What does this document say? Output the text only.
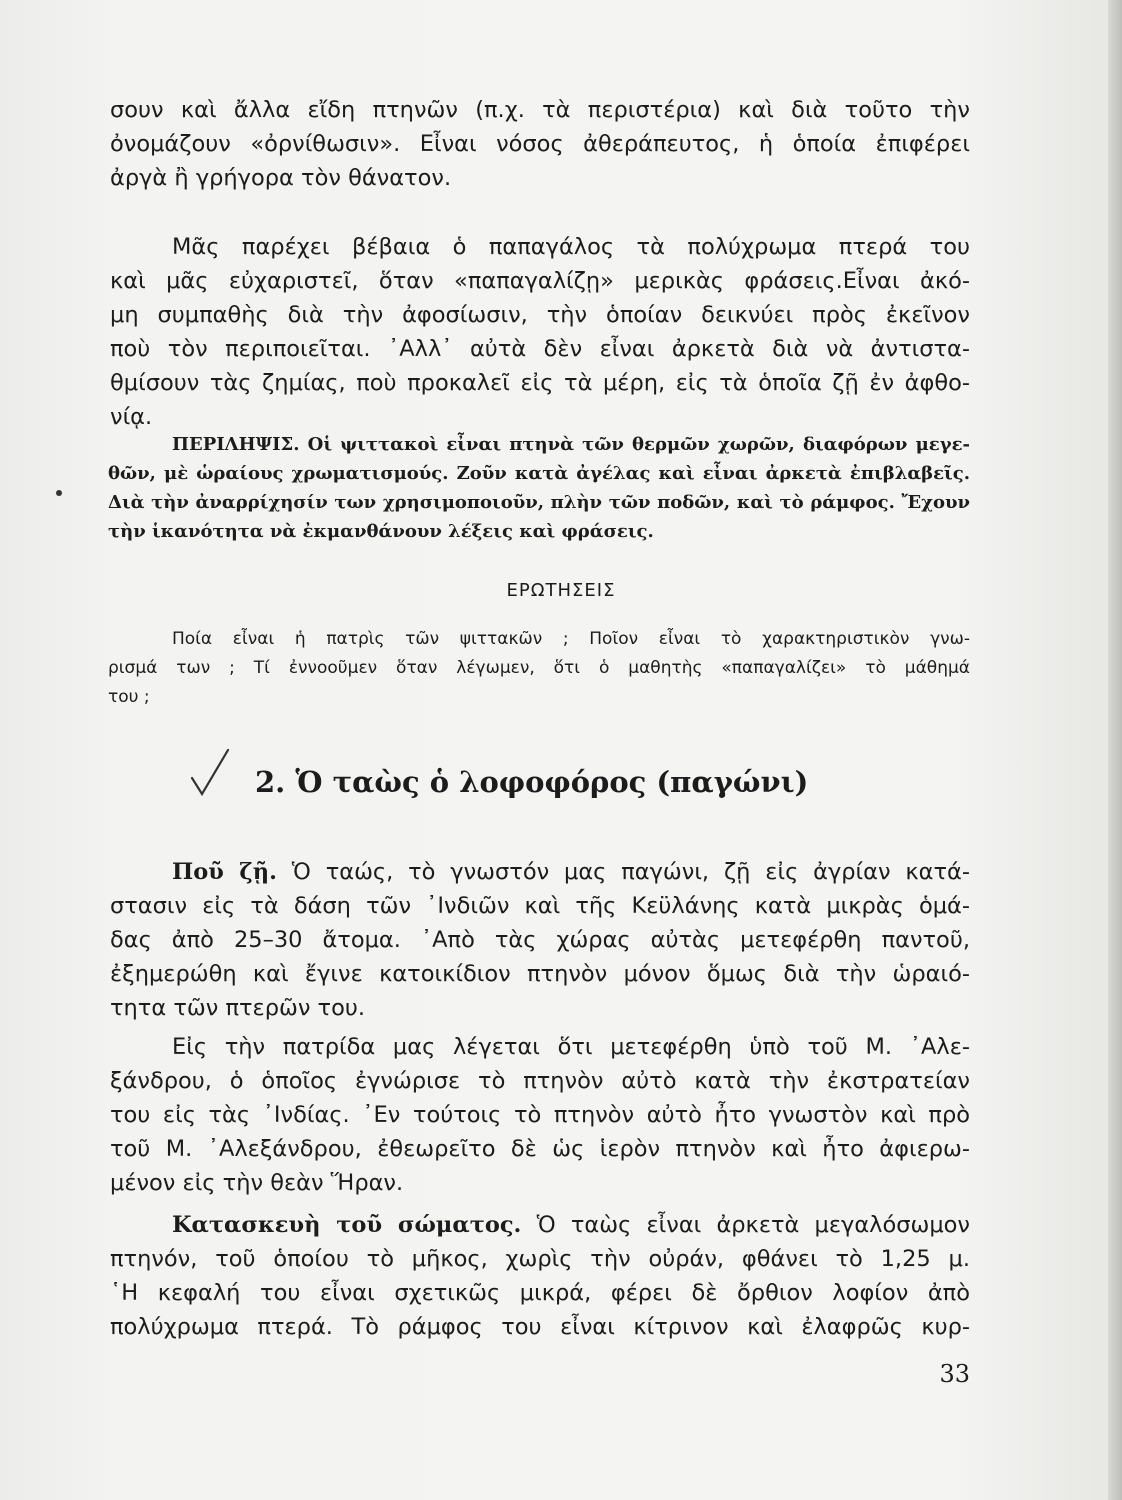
σουν καὶ ἄλλα εἴδη πτηνῶν (π.χ. τὰ περιστέρια) καὶ διὰ τοῦτο τὴν
ὀνομάζουν «ὀρνίθωσιν». Εἶναι νόσος ἀθεράπευτος, ἡ ὁποία ἐπιφέρει
ἀργὰ ἢ γρήγορα τὸν θάνατον.
Μᾶς παρέχει βέβαια ὁ παπαγάλος τὰ πολύχρωμα πτερά του
καὶ μᾶς εὐχαριστεῖ, ὅταν «παπαγαλίζῃ» μερικὰς φράσεις.Εἶναι ἀκό-
μη συμπαθὴς διὰ τὴν ἀφοσίωσιν, τὴν ὁποίαν δεικνύει πρὸς ἐκεῖνον
ποὺ τὸν περιποιεῖται. ᾿Αλλ᾿ αὐτὰ δὲν εἶναι ἀρκετὰ διὰ νὰ ἀντιστα-
θμίσουν τὰς ζημίας, ποὺ προκαλεῖ εἰς τὰ μέρη, εἰς τὰ ὁποῖα ζῇ ἐν ἀφθο-
νίᾳ.
ΠΕΡΙΛΗΨΙΣ. Οἱ ψιττακοὶ εἶναι πτηνὰ τῶν θερμῶν χωρῶν, διαφόρων μεγε-
θῶν, μὲ ὡραίους χρωματισμούς. Ζοῦν κατὰ ἀγέλας καὶ εἶναι ἀρκετὰ ἐπιβλαβεῖς.
Διὰ τὴν ἀναρρίχησίν των χρησιμοποιοῦν, πλὴν τῶν ποδῶν, καὶ τὸ ράμφος. Ἔχουν
τὴν ἱκανότητα νὰ ἐκμανθάνουν λέξεις καὶ φράσεις.
ΕΡΩΤΗΣΕΙΣ
Ποία εἶναι ἡ πατρὶς τῶν ψιττακῶν ; Ποῖον εἶναι τὸ χαρακτηριστικὸν γνω-
ρισμά των ; Τί ἐννοοῦμεν ὅταν λέγωμεν, ὅτι ὁ μαθητὴς «παπαγαλίζει» τὸ μάθημά
του ;
2. Ὁ ταὼς ὁ λοφοφόρος (παγώνι)
Ποῦ ζῇ. Ὁ ταώς, τὸ γνωστόν μας παγώνι, ζῇ εἰς ἀγρίαν κατά-
στασιν εἰς τὰ δάση τῶν ᾿Ινδιῶν καὶ τῆς Κεϋλάνης κατὰ μικρὰς ὁμά-
δας ἀπὸ 25–30 ἄτομα. ᾿Απὸ τὰς χώρας αὐτὰς μετεφέρθη παντοῦ,
ἐξημερώθη καὶ ἔγινε κατοικίδιον πτηνὸν μόνον ὅμως διὰ τὴν ὡραιό-
τητα τῶν πτερῶν του.
Εἰς τὴν πατρίδα μας λέγεται ὅτι μετεφέρθη ὑπὸ τοῦ Μ. ᾿Αλε-
ξάνδρου, ὁ ὁποῖος ἐγνώρισε τὸ πτηνὸν αὐτὸ κατὰ τὴν ἐκστρατείαν
του εἰς τὰς ᾿Ινδίας. ᾿Εν τούτοις τὸ πτηνὸν αὐτὸ ἦτο γνωστὸν καὶ πρὸ
τοῦ Μ. ᾿Αλεξάνδρου, ἐθεωρεῖτο δὲ ὡς ἱερὸν πτηνὸν καὶ ἦτο ἀφιερω-
μένον εἰς τὴν θεὰν Ἥραν.
Κατασκευὴ τοῦ σώματος. Ὁ ταὼς εἶναι ἀρκετὰ μεγαλόσωμον
πτηνόν, τοῦ ὁποίου τὸ μῆκος, χωρὶς τὴν οὐράν, φθάνει τὸ 1,25 μ.
῾Η κεφαλή του εἶναι σχετικῶς μικρά, φέρει δὲ ὄρθιον λοφίον ἀπὸ
πολύχρωμα πτερά. Τὸ ράμφος του εἶναι κίτρινον καὶ ἐλαφρῶς κυρ-
33
